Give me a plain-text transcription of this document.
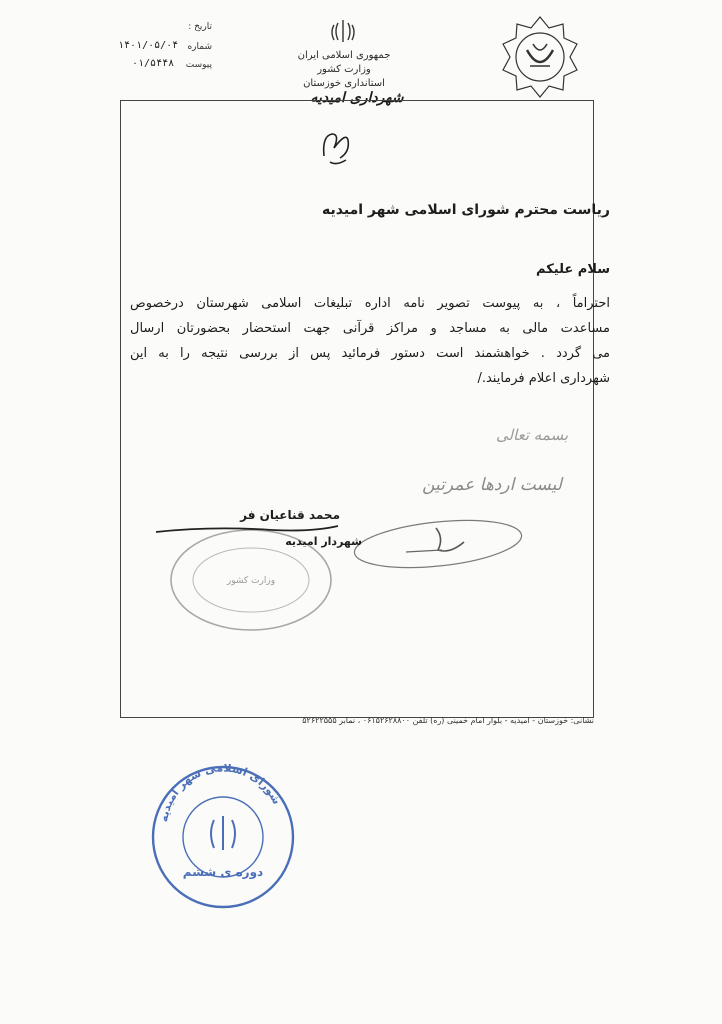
جمهوری اسلامی ایران
وزارت کشور
استانداری خوزستان
شهرداری امیدیه
تاریخ :
شماره
۱۴۰۱/۰۵/۰۴
پیوست
۰۱/۵۴۴۸
ریاست محترم شورای اسلامی شهر امیدیه
سلام علیکم
احتراماً ، به پیوست تصویر نامه اداره تبلیغات اسلامی شهرستان درخصوص
مساعدت مالی به مساجد و مراکز قرآنی جهت استحضار بحضورتان ارسال
می گردد . خواهشمند است دستور فرمائید پس از بررسی نتیجه را به این
شهرداری اعلام فرمایند./
بسمه تعالی
لیست اردها عمرتین
وزارت کشور
محمد قناعیان فر
شهردار امیدیه
نشانی: خوزستان - امیدیه - بلوار امام خمینی (ره) تلفن ۰۶۱۵۲۶۲۸۸۰۰ ، نمابر ۵۲۶۲۲۵۵۵
شورای اسلامی شهر امیدیه
دوره ی ششم
